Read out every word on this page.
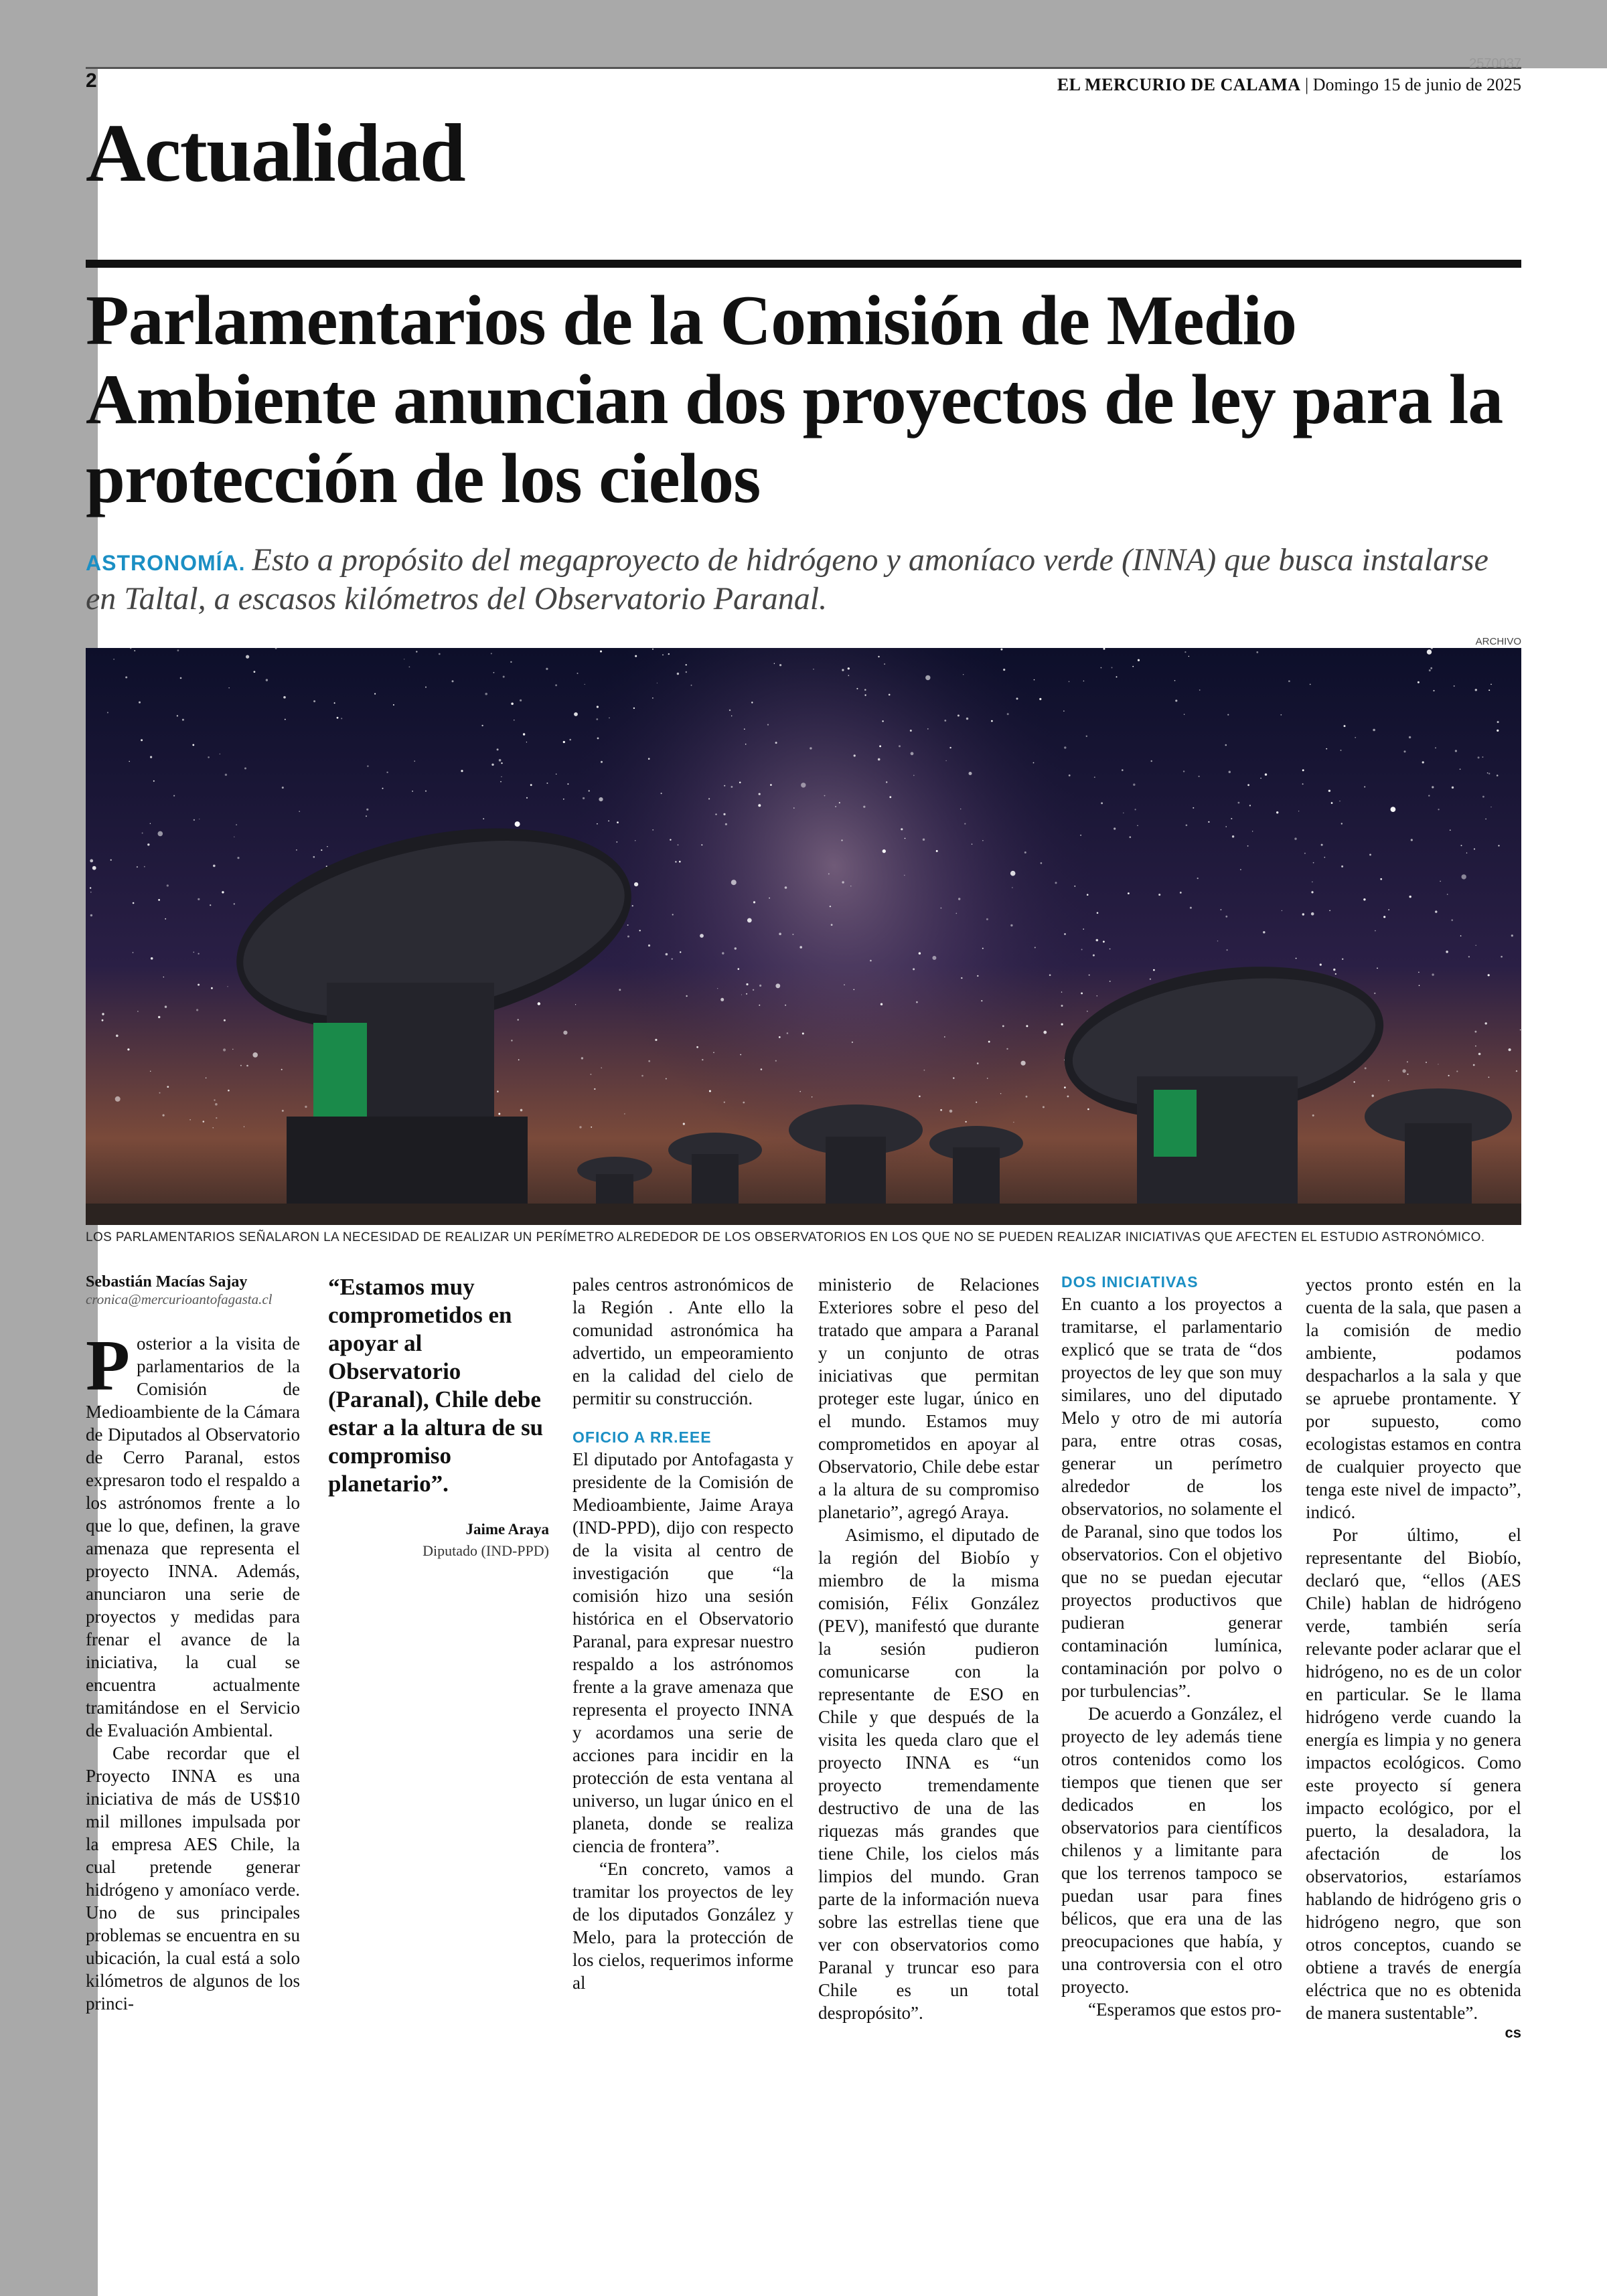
2
2570037
EL MERCURIO DE CALAMA | Domingo 15 de junio de 2025
Actualidad
Parlamentarios de la Comisión de Medio Ambiente anuncian dos proyectos de ley para la protección de los cielos
ASTRONOMÍA. Esto a propósito del megaproyecto de hidrógeno y amoníaco verde (INNA) que busca instalarse en Taltal, a escasos kilómetros del Observatorio Paranal.
ARCHIVO
LOS PARLAMENTARIOS SEÑALARON LA NECESIDAD DE REALIZAR UN PERÍMETRO ALREDEDOR DE LOS OBSERVATORIOS EN LOS QUE NO SE PUEDEN REALIZAR INICIATIVAS QUE AFECTEN EL ESTUDIO ASTRONÓMICO.
Sebastián Macías Sajay
cronica@mercurioantofagasta.cl

Posterior a la visita de parlamentarios de la Comisión de Medioambiente de la Cámara de Diputados al Observatorio de Cerro Paranal, estos expresaron todo el respaldo a los astrónomos frente a lo que lo que, definen, la grave amenaza que representa el proyecto INNA. Además, anunciaron una serie de proyectos y medidas para frenar el avance de la iniciativa, la cual se encuentra actualmente tramitándose en el Servicio de Evaluación Ambiental.

Cabe recordar que el Proyecto INNA es una iniciativa de más de US$10 mil millones impulsada por la empresa AES Chile, la cual pretende generar hidrógeno y amoníaco verde. Uno de sus principales problemas se encuentra en su ubicación, la cual está a solo kilómetros de algunos de los princi-

“Estamos muy comprometidos en apoyar al Observatorio (Paranal), Chile debe estar a la altura de su compromiso planetario”.
Jaime Araya
Diputado (IND-PPD)

pales centros astronómicos de la Región . Ante ello la comunidad astronómica ha advertido, un empeoramiento en la calidad del cielo de permitir su construcción.

OFICIO A RR.EEE

El diputado por Antofagasta y presidente de la Comisión de Medioambiente, Jaime Araya (IND-PPD), dijo con respecto de la visita al centro de investigación que “la comisión hizo una sesión histórica en el Observatorio Paranal, para expresar nuestro respaldo a los astrónomos frente a la grave amenaza que representa el proyecto INNA y acordamos una serie de acciones para incidir en la protección de esta ventana al universo, un lugar único en el planeta, donde se realiza ciencia de frontera”.

“En concreto, vamos a tramitar los proyectos de ley de los diputados González y Melo, para la protección de los cielos, requerimos informe al

ministerio de Relaciones Exteriores sobre el peso del tratado que ampara a Paranal y un conjunto de otras iniciativas que permitan proteger este lugar, único en el mundo. Estamos muy comprometidos en apoyar al Observatorio, Chile debe estar a la altura de su compromiso planetario”, agregó Araya.

Asimismo, el diputado de la región del Biobío y miembro de la misma comisión, Félix González (PEV), manifestó que durante la sesión pudieron comunicarse con la representante de ESO en Chile y que después de la visita les queda claro que el proyecto INNA es “un proyecto tremendamente destructivo de una de las riquezas más grandes que tiene Chile, los cielos más limpios del mundo. Gran parte de la información nueva sobre las estrellas tiene que ver con observatorios como Paranal y truncar eso para Chile es un total despropósito”.

DOS INICIATIVAS

En cuanto a los proyectos a tramitarse, el parlamentario explicó que se trata de “dos proyectos de ley que son muy similares, uno del diputado Melo y otro de mi autoría para, entre otras cosas, generar un perímetro alrededor de los observatorios, no solamente el de Paranal, sino que todos los observatorios. Con el objetivo que no se puedan ejecutar proyectos productivos que pudieran generar contaminación lumínica, contaminación por polvo o por turbulencias”.

De acuerdo a González, el proyecto de ley además tiene otros contenidos como los tiempos que tienen que ser dedicados en los observatorios para científicos chilenos y a limitante para que los terrenos tampoco se puedan usar para fines bélicos, que era una de las preocupaciones que había, y una controversia con el otro proyecto.

“Esperamos que estos pro-

yectos pronto estén en la cuenta de la sala, que pasen a la comisión de medio ambiente, podamos despacharlos a la sala y que se apruebe prontamente. Y por supuesto, como ecologistas estamos en contra de cualquier proyecto que tenga este nivel de impacto”, indicó.

Por último, el representante del Biobío, declaró que, “ellos (AES Chile) hablan de hidrógeno verde, también sería relevante poder aclarar que el hidrógeno, no es de un color en particular. Se le llama hidrógeno verde cuando la energía es limpia y no genera impactos ecológicos. Como este proyecto sí genera impacto ecológico, por el puerto, la desaladora, la afectación de los observatorios, estaríamos hablando de hidrógeno gris o hidrógeno negro, que son otros conceptos, cuando se obtiene a través de energía eléctrica que no es obtenida de manera sustentable”.

cs
